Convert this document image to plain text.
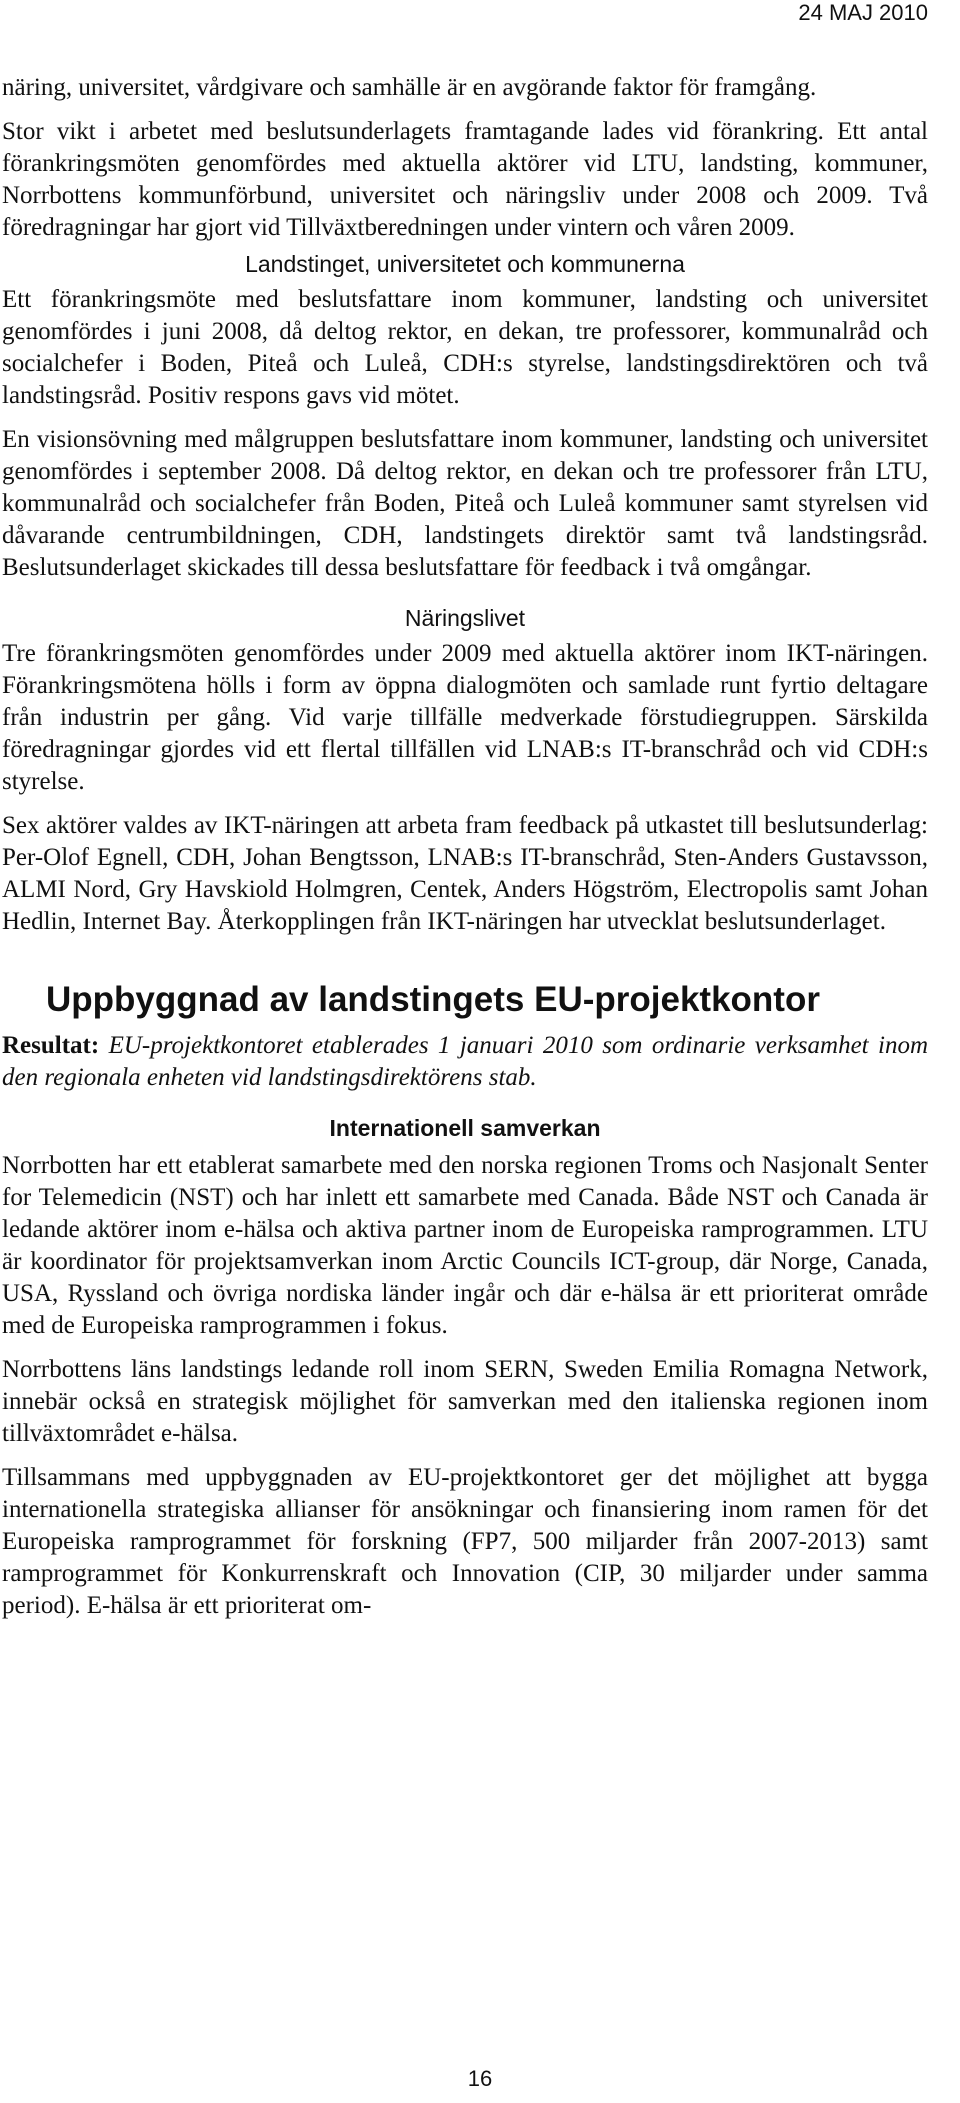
24 MAJ 2010

näring, universitet, vårdgivare och samhälle är en avgörande faktor för framgång.

Stor vikt i arbetet med beslutsunderlagets framtagande lades vid förankring. Ett antal förankringsmöten genomfördes med aktuella aktörer vid LTU, landsting, kommuner, Norrbottens kommunförbund, universitet och näringsliv under 2008 och 2009. Två föredragningar har gjort vid Tillväxtberedningen under vintern och våren 2009.

Landstinget, universitetet och kommunerna

Ett förankringsmöte med beslutsfattare inom kommuner, landsting och universitet genomfördes i juni 2008, då deltog rektor, en dekan, tre professorer, kommunalråd och socialchefer i Boden, Piteå och Luleå, CDH:s styrelse, landstingsdirektören och två landstingsråd. Positiv respons gavs vid mötet.

En visionsövning med målgruppen beslutsfattare inom kommuner, landsting och universitet genomfördes i september 2008. Då deltog rektor, en dekan och tre professorer från LTU, kommunalråd och socialchefer från Boden, Piteå och Luleå kommuner samt styrelsen vid dåvarande centrumbildningen, CDH, landstingets direktör samt två landstingsråd. Beslutsunderlaget skickades till dessa beslutsfattare för feedback i två omgångar.

Näringslivet

Tre förankringsmöten genomfördes under 2009 med aktuella aktörer inom IKT-näringen. Förankringsmötena hölls i form av öppna dialogmöten och samlade runt fyrtio deltagare från industrin per gång. Vid varje tillfälle medverkade förstudiegruppen. Särskilda föredragningar gjordes vid ett flertal tillfällen vid LNAB:s IT-branschråd och vid CDH:s styrelse.

Sex aktörer valdes av IKT-näringen att arbeta fram feedback på utkastet till beslutsunderlag: Per-Olof Egnell, CDH, Johan Bengtsson, LNAB:s IT-branschråd, Sten-Anders Gustavsson, ALMI Nord, Gry Havskiold Holmgren, Centek, Anders Högström, Electropolis samt Johan Hedlin, Internet Bay. Återkopplingen från IKT-näringen har utvecklat beslutsunderlaget.

Uppbyggnad av landstingets EU-projektkontor

Resultat: EU-projektkontoret etablerades 1 januari 2010 som ordinarie verksamhet inom den regionala enheten vid landstingsdirektörens stab.

Internationell samverkan

Norrbotten har ett etablerat samarbete med den norska regionen Troms och Nasjonalt Senter for Telemedicin (NST) och har inlett ett samarbete med Canada. Både NST och Canada är ledande aktörer inom e-hälsa och aktiva partner inom de Europeiska ramprogrammen. LTU är koordinator för projektsamverkan inom Arctic Councils ICT-group, där Norge, Canada, USA, Ryssland och övriga nordiska länder ingår och där e-hälsa är ett prioriterat område med de Europeiska ramprogrammen i fokus.

Norrbottens läns landstings ledande roll inom SERN, Sweden Emilia Romagna Network, innebär också en strategisk möjlighet för samverkan med den italienska regionen inom tillväxtområdet e-hälsa.

Tillsammans med uppbyggnaden av EU-projektkontoret ger det möjlighet att bygga internationella strategiska allianser för ansökningar och finansiering inom ramen för det Europeiska ramprogrammet för forskning (FP7, 500 miljarder från 2007-2013) samt ramprogrammet för Konkurrenskraft och Innovation (CIP, 30 miljarder under samma period). E-hälsa är ett prioriterat om-

16
